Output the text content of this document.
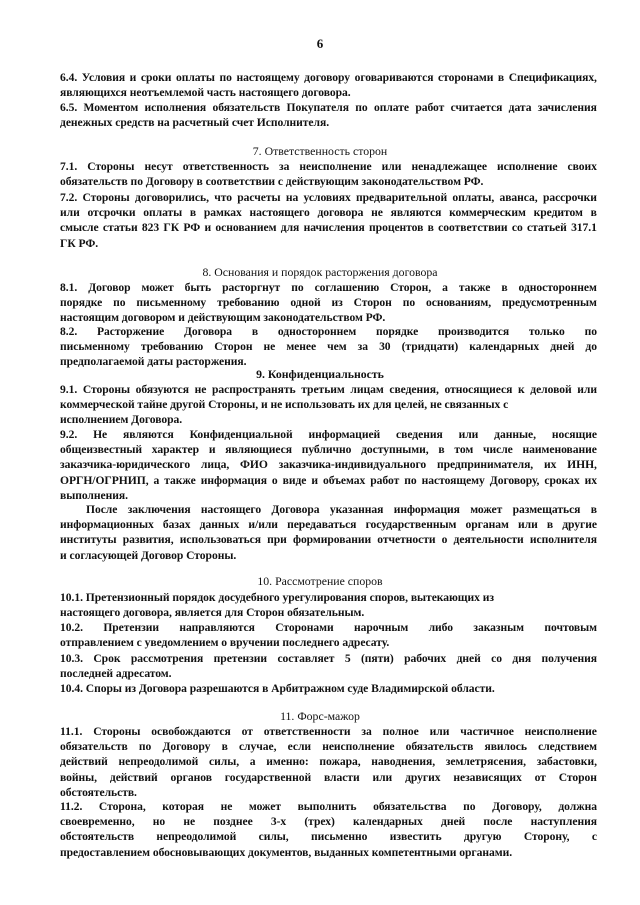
6
6.4. Условия и сроки оплаты по настоящему договору оговариваются сторонами в Спецификациях,
являющихся неотъемлемой часть настоящего договора.
6.5. Моментом исполнения обязательств Покупателя по оплате работ считается дата зачисления
денежных средств на расчетный счет Исполнителя.
7. Ответственность сторон
7.1. Стороны несут ответственность за неисполнение или ненадлежащее исполнение своих
обязательств по Договору в соответствии с действующим законодательством РФ.
7.2. Стороны договорились, что расчеты на условиях предварительной оплаты, аванса, рассрочки
или отсрочки оплаты в рамках настоящего договора не являются коммерческим кредитом в
смысле статьи 823 ГК РФ и основанием для начисления процентов в соответствии со статьей 317.1
ГК РФ.
8. Основания и порядок расторжения договора
8.1. Договор может быть расторгнут по соглашению Сторон, а также в одностороннем
порядке по письменному требованию одной из Сторон по основаниям, предусмотренным
настоящим договором и действующим законодательством РФ.
8.2. Расторжение Договора в одностороннем порядке производится только по
письменному требованию Сторон не менее чем за 30 (тридцати) календарных дней до
предполагаемой даты расторжения.
9. Конфиденциальность
9.1. Стороны обязуются не распространять третьим лицам сведения, относящиеся к деловой или
коммерческой тайне другой Стороны, и не использовать их для целей, не связанных с
исполнением Договора.
9.2. Не являются Конфиденциальной информацией сведения или данные, носящие
общеизвестный характер и являющиеся публично доступными, в том числе наименование
заказчика-юридического лица, ФИО заказчика-индивидуального предпринимателя, их ИНН,
ОРГН/ОГРНИП, а также информация о виде и объемах работ по настоящему Договору, сроках их
выполнения.
После заключения настоящего Договора указанная информация может размещаться в
информационных базах данных и/или передаваться государственным органам или в другие
институты развития, использоваться при формировании отчетности о деятельности исполнителя
и согласующей Договор Стороны.
10. Рассмотрение споров
10.1. Претензионный порядок досудебного урегулирования споров, вытекающих из
настоящего договора, является для Сторон обязательным.
10.2. Претензии направляются Сторонами нарочным либо заказным почтовым
отправлением с уведомлением о вручении последнего адресату.
10.3. Срок рассмотрения претензии составляет 5 (пяти) рабочих дней со дня получения
последней адресатом.
10.4. Споры из Договора разрешаются в Арбитражном суде Владимирской области.
11. Форс-мажор
11.1. Стороны освобождаются от ответственности за полное или частичное неисполнение
обязательств по Договору в случае, если неисполнение обязательств явилось следствием
действий непреодолимой силы, а именно: пожара, наводнения, землетрясения, забастовки,
войны, действий органов государственной власти или других независящих от Сторон
обстоятельств.
11.2. Сторона, которая не может выполнить обязательства по Договору, должна
своевременно, но не позднее 3-х (трех) календарных дней после наступления
обстоятельств непреодолимой силы, письменно известить другую Сторону, с
предоставлением обосновывающих документов, выданных компетентными органами.
